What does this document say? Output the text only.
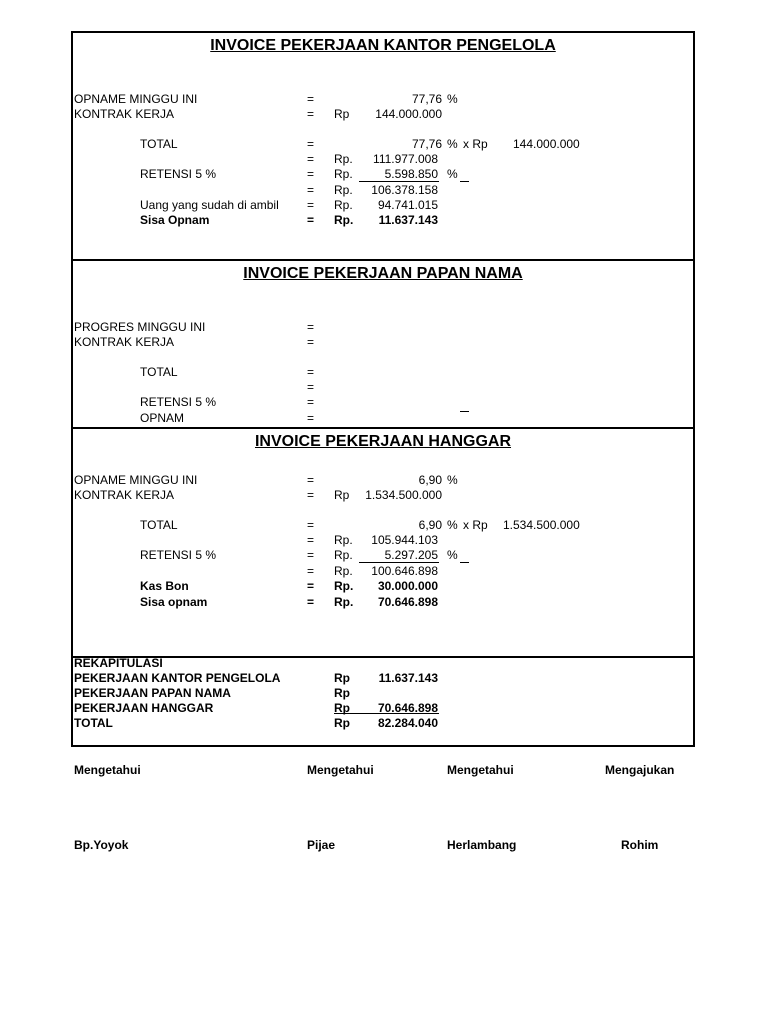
INVOICE PEKERJAAN KANTOR PENGELOLA
OPNAME MINGGU INI	=	77,76 %
KONTRAK KERJA	= Rp	144.000.000
TOTAL	=	77,76 % x Rp 144.000.000
= Rp.	111.977.008
RETENSI 5 %	= Rp.	5.598.850 %
= Rp.	106.378.158
Uang yang sudah di ambil = Rp.	94.741.015
Sisa Opnam	= Rp.	11.637.143
INVOICE PEKERJAAN PAPAN NAMA
PROGRES MINGGU INI	=
KONTRAK KERJA	=
TOTAL	=
=
RETENSI 5 %	=
OPNAM	=
INVOICE PEKERJAAN HANGGAR
OPNAME MINGGU INI	=	6,90 %
KONTRAK KERJA	= Rp	1.534.500.000
TOTAL	=	6,90 % x Rp 1.534.500.000
= Rp.	105.944.103
RETENSI 5 %	= Rp.	5.297.205 %
= Rp.	100.646.898
Kas Bon	= Rp.	30.000.000
Sisa opnam	= Rp.	70.646.898
REKAPITULASI
PEKERJAAN KANTOR PENGELOLA	Rp	11.637.143
PEKERJAAN PAPAN NAMA	Rp
PEKERJAAN HANGGAR	Rp	70.646.898
TOTAL	Rp	82.284.040
Mengetahui	Mengetahui	Mengetahui	Mengajukan
Bp.Yoyok	Pijae	Herlambang	Rohim
